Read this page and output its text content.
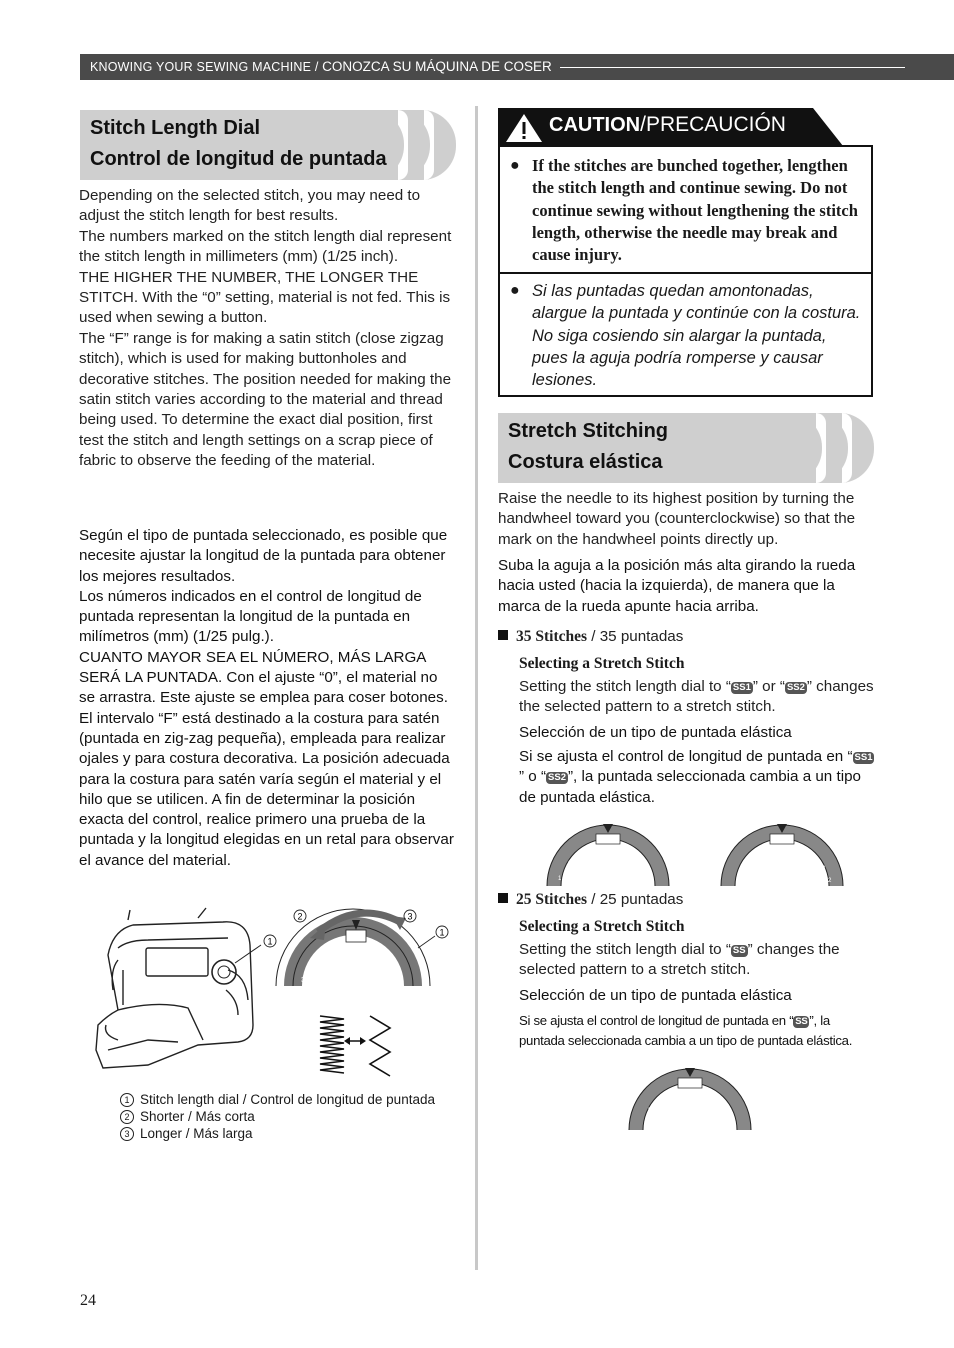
KNOWING YOUR SEWING MACHINE / CONOZCA SU MÁQUINA DE COSER
Stitch Length Dial
Control de longitud de puntada

Depending on the selected stitch, you may need to adjust the stitch length for best results.

The numbers marked on the stitch length dial represent the stitch length in millimeters (mm) (1/25 inch).

THE HIGHER THE NUMBER, THE LONGER THE STITCH. With the “0” setting, material is not fed. This is used when sewing a button.

The “F” range is for making a satin stitch (close zigzag stitch), which is used for making buttonholes and decorative stitches. The position needed for making the satin stitch varies according to the material and thread being used. To determine the exact dial position, first test the stitch and length settings on a scrap piece of fabric to observe the feeding of the material.

Según el tipo de puntada seleccionado, es posible que necesite ajustar la longitud de la puntada para obtener los mejores resultados.

Los números indicados en el control de longitud de puntada representan la longitud de la puntada en milímetros (mm) (1/25 pulg.).

CUANTO MAYOR SEA EL NÚMERO, MÁS LARGA SERÁ LA PUNTADA. Con el ajuste “0”, el material no se arrastra. Este ajuste se emplea para coser botones.

El intervalo “F” está destinado a la costura para satén (puntada en zig-zag pequeña), empleada para realizar ojales y para costura decorativa. La posición adecuada para la costura para satén varía según el material y el hilo que se utilicen. A fin de determinar la posición exacta del control, realice primero una prueba de la puntada y la longitud elegidas en un retal para observar el avance del material.

1
F
0
1
2
3
2	3
1
1 Stitch length dial / Control de longitud de puntada
2 Shorter / Más corta
3 Longer / Más larga
CAUTION/PRECAUCIÓN
● If the stitches are bunched together, lengthen the stitch length and continue sewing. Do not continue sewing without lengthening the stitch length, otherwise the needle may break and cause injury.
● Si las puntadas quedan amontonadas, alargue la puntada y continúe con la costura. No siga cosiendo sin alargar la puntada, pues la aguja podría romperse y causar lesiones.
Stretch Stitching
Costura elástica
Raise the needle to its highest position by turning the handwheel toward you (counterclockwise) so that the mark on the handwheel points directly up.
Suba la aguja a la posición más alta girando la rueda hacia usted (hacia la izquierda), de manera que la marca de la rueda apunte hacia arriba.
35 Stitches / 35 puntadas
Selecting a Stretch Stitch
Setting the stitch length dial to “ SS1 ” or “ SS2 ” changes the selected pattern to a stretch stitch.
Selección de un tipo de puntada elástica
Si se ajusta el control de longitud de puntada en “ SS1” o “ SS2 ”, la puntada seleccionada cambia a un tipo de puntada elástica.
SS1
F
0
1
SS2
4
3
2
25 Stitches / 25 puntadas
Selecting a Stretch Stitch
Setting the stitch length dial to “ SS ” changes the selected pattern to a stretch stitch.
Selección de un tipo de puntada elástica
Si se ajusta el control de longitud de puntada en “ SS ”, la puntada seleccionada cambia a un tipo de puntada elástica.
SS
F
0
24
